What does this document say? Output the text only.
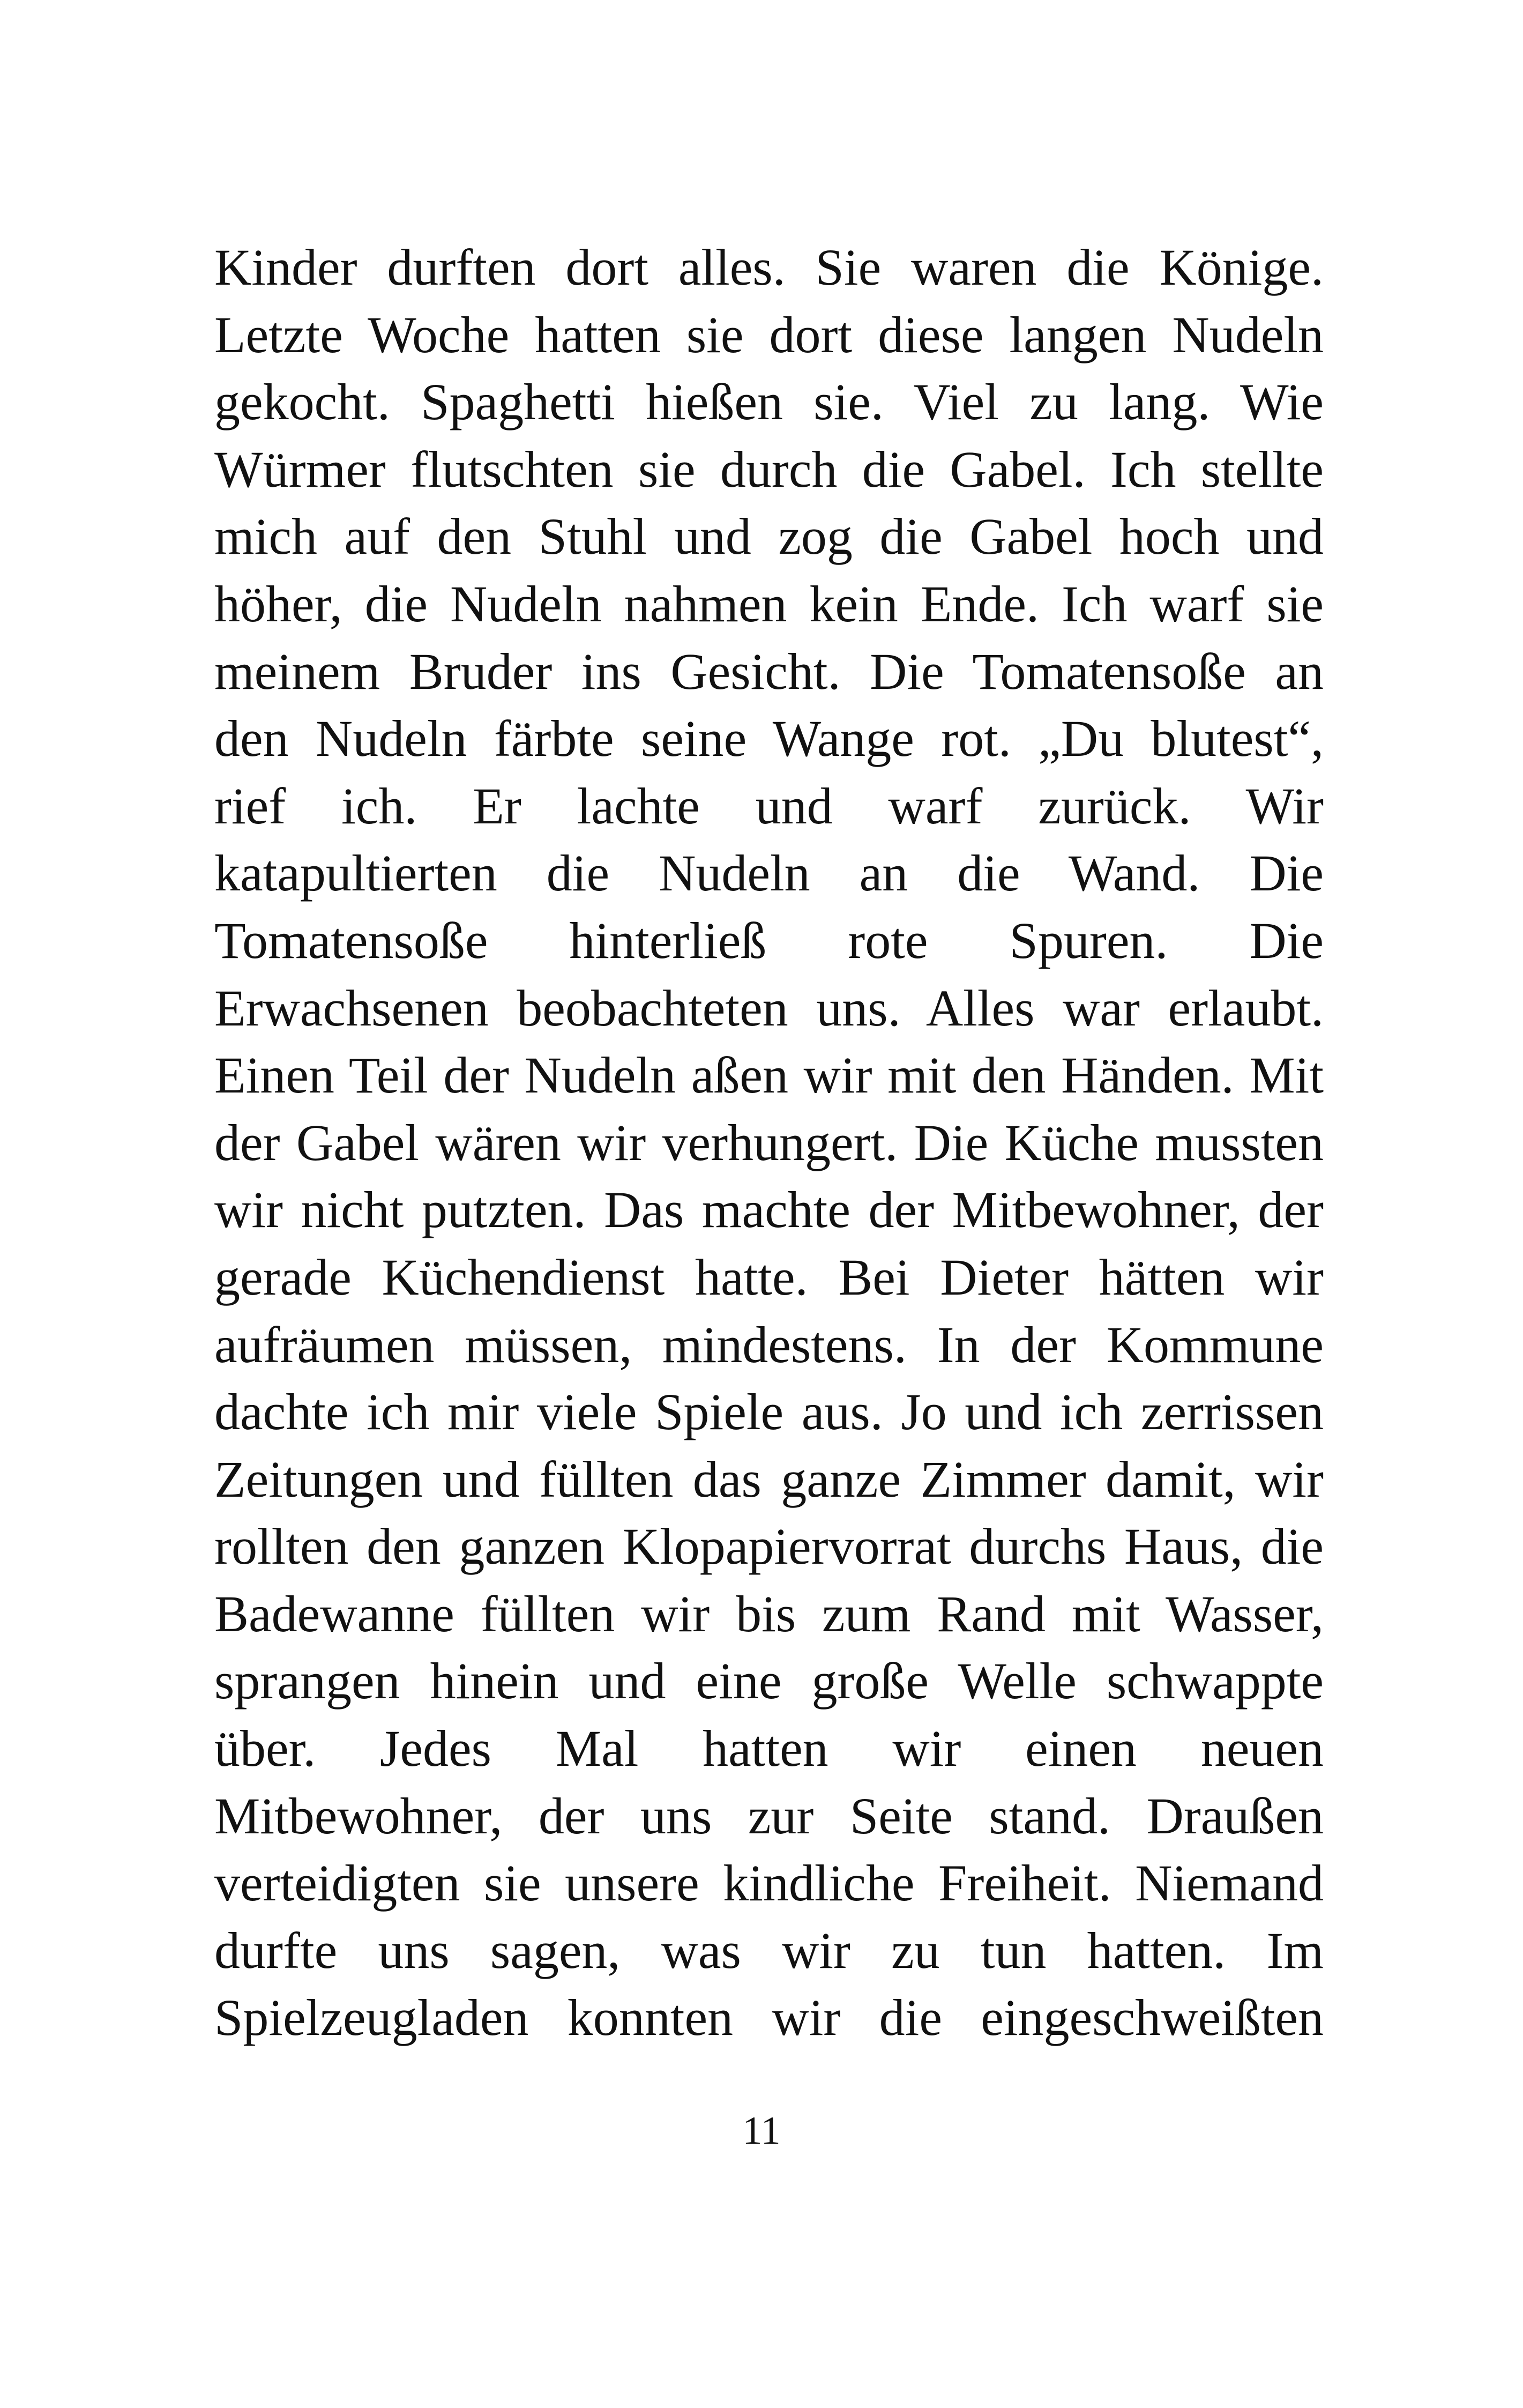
Kinder durften dort alles. Sie waren die Könige.
Letzte Woche hatten sie dort diese langen Nudeln
gekocht. Spaghetti hießen sie. Viel zu lang. Wie
Würmer flutschten sie durch die Gabel. Ich stellte
mich auf den Stuhl und zog die Gabel hoch und
höher, die Nudeln nahmen kein Ende. Ich warf sie
meinem Bruder ins Gesicht. Die Tomatensoße an
den Nudeln färbte seine Wange rot. „Du blutest“,
rief ich. Er lachte und warf zurück. Wir
katapultierten die Nudeln an die Wand. Die
Tomatensoße hinterließ rote Spuren. Die
Erwachsenen beobachteten uns. Alles war erlaubt.
Einen Teil der Nudeln aßen wir mit den Händen. Mit
der Gabel wären wir verhungert. Die Küche mussten
wir nicht putzten. Das machte der Mitbewohner, der
gerade Küchendienst hatte. Bei Dieter hätten wir
aufräumen müssen, mindestens. In der Kommune
dachte ich mir viele Spiele aus. Jo und ich zerrissen
Zeitungen und füllten das ganze Zimmer damit, wir
rollten den ganzen Klopapiervorrat durchs Haus, die
Badewanne füllten wir bis zum Rand mit Wasser,
sprangen hinein und eine große Welle schwappte
über. Jedes Mal hatten wir einen neuen
Mitbewohner, der uns zur Seite stand. Draußen
verteidigten sie unsere kindliche Freiheit. Niemand
durfte uns sagen, was wir zu tun hatten. Im
Spielzeugladen konnten wir die eingeschweißten
11
